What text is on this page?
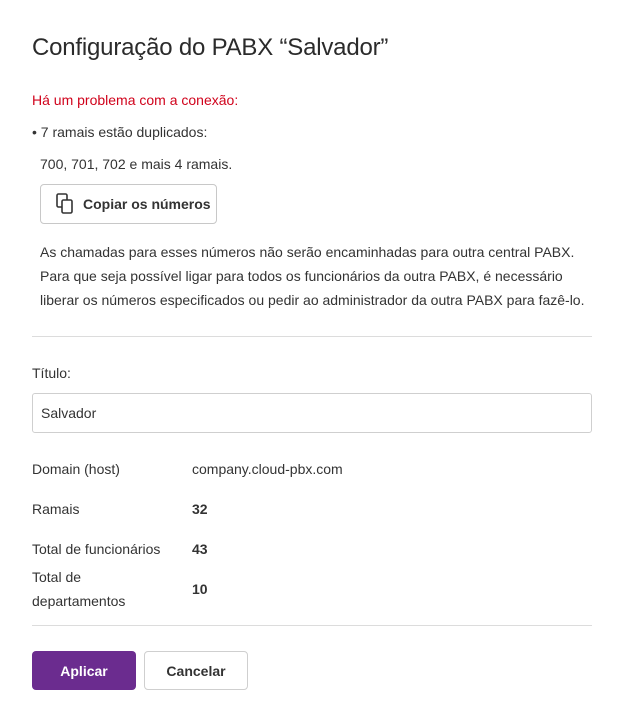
Configuração do PABX “Salvador”
Há um problema com a conexão:
• 7 ramais estão duplicados:
700, 701, 702 e mais 4 ramais.
Copiar os números

As chamadas para esses números não serão encaminhadas para outra central PABX.

Para que seja possível ligar para todos os funcionários da outra PABX, é necessário

liberar os números especificados ou pedir ao administrador da outra PABX para fazê-lo.

Título:
Salvador
Domain (host)	company.cloud-pbx.com
Ramais	32
Total de funcionários	43
Total de
departamentos
10
Aplicar	Cancelar
